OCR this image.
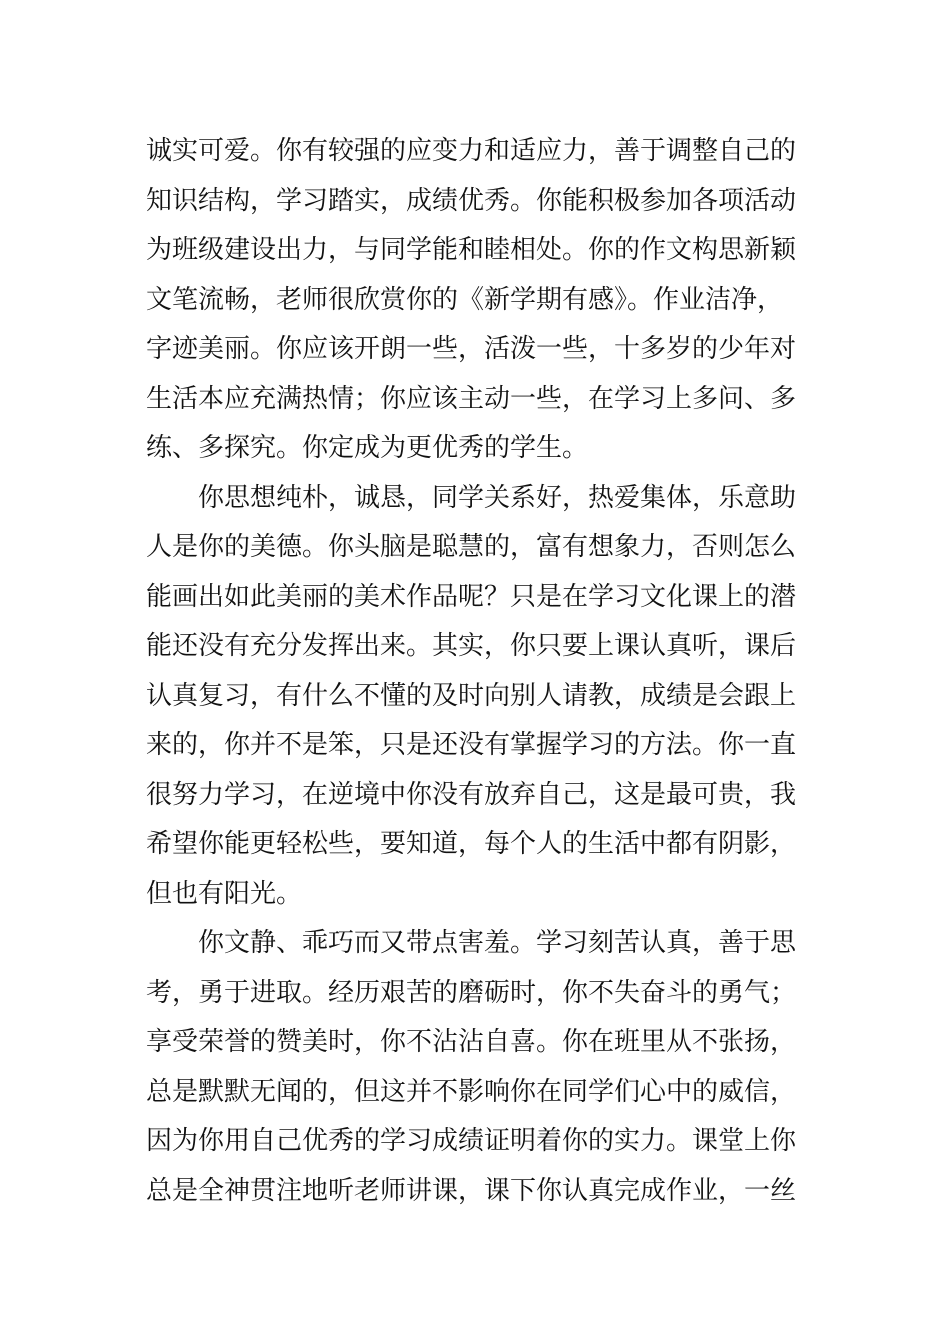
诚实可爱。你有较强的应变力和适应力，善于调整自己的
知识结构，学习踏实，成绩优秀。你能积极参加各项活动
为班级建设出力，与同学能和睦相处。你的作文构思新颖
文笔流畅，老师很欣赏你的《新学期有感》。作业洁净，
字迹美丽。你应该开朗一些，活泼一些，十多岁的少年对
生活本应充满热情；你应该主动一些，在学习上多问、多
练、多探究。你定成为更优秀的学生。
你思想纯朴，诚恳，同学关系好，热爱集体，乐意助
人是你的美德。你头脑是聪慧的，富有想象力，否则怎么
能画出如此美丽的美术作品呢？只是在学习文化课上的潜
能还没有充分发挥出来。其实，你只要上课认真听，课后
认真复习，有什么不懂的及时向别人请教，成绩是会跟上
来的，你并不是笨，只是还没有掌握学习的方法。你一直
很努力学习，在逆境中你没有放弃自己，这是最可贵，我
希望你能更轻松些，要知道，每个人的生活中都有阴影，
但也有阳光。
你文静、乖巧而又带点害羞。学习刻苦认真，善于思
考，勇于进取。经历艰苦的磨砺时，你不失奋斗的勇气；
享受荣誉的赞美时，你不沾沾自喜。你在班里从不张扬，
总是默默无闻的，但这并不影响你在同学们心中的威信，
因为你用自己优秀的学习成绩证明着你的实力。课堂上你
总是全神贯注地听老师讲课，课下你认真完成作业，一丝
